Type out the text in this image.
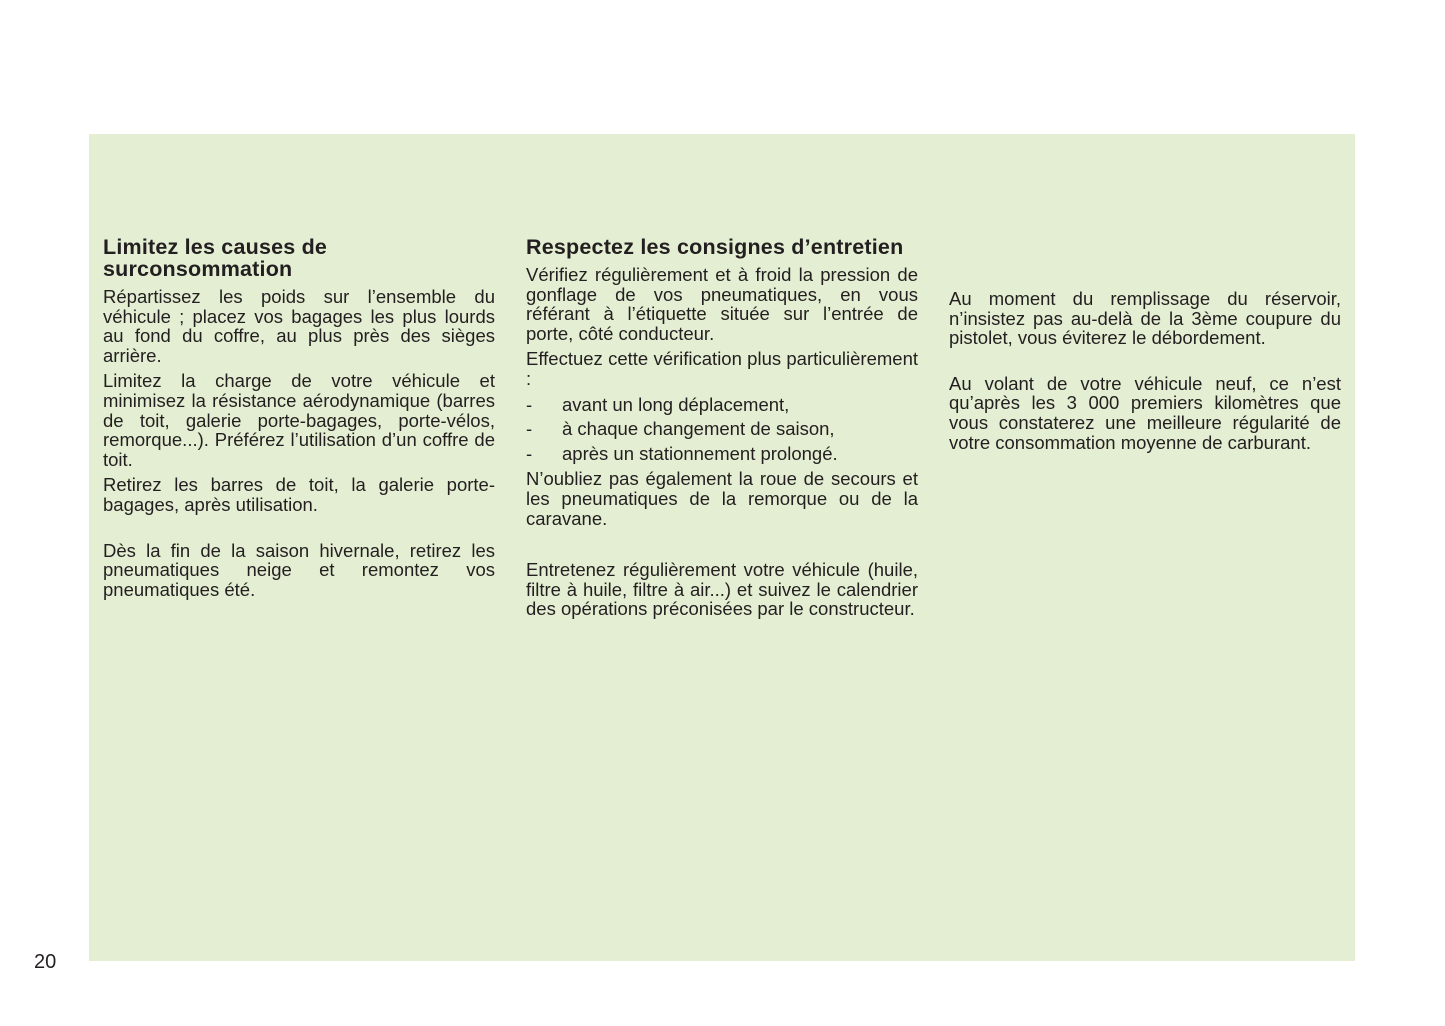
Limitez les causes de surconsommation

Répartissez les poids sur l’ensemble du véhicule ; placez vos bagages les plus lourds au fond du coffre, au plus près des sièges arrière.

Limitez la charge de votre véhicule et minimisez la résistance aérodynamique (barres de toit, galerie porte-bagages, porte-vélos, remorque...). Préférez l’utilisation d’un coffre de toit.

Retirez les barres de toit, la galerie porte-bagages, après utilisation.

Dès la fin de la saison hivernale, retirez les pneumatiques neige et remontez vos pneumatiques été.

Respectez les consignes d’entretien

Vérifiez régulièrement et à froid la pression de gonflage de vos pneumatiques, en vous référant à l’étiquette située sur l’entrée de porte, côté conducteur.

Effectuez cette vérification plus particulièrement :

-	avant un long déplacement,
-	à chaque changement de saison,
-	après un stationnement prolongé.

N’oubliez pas également la roue de secours et les pneumatiques de la remorque ou de la caravane.

Entretenez régulièrement votre véhicule (huile, filtre à huile, filtre à air...) et suivez le calendrier des opérations préconisées par le constructeur.

Au moment du remplissage du réservoir, n’insistez pas au-delà de la 3ème coupure du pistolet, vous éviterez le débordement.

Au volant de votre véhicule neuf, ce n’est qu’après les 3 000 premiers kilomètres que vous constaterez une meilleure régularité de votre consommation moyenne de carburant.

20
